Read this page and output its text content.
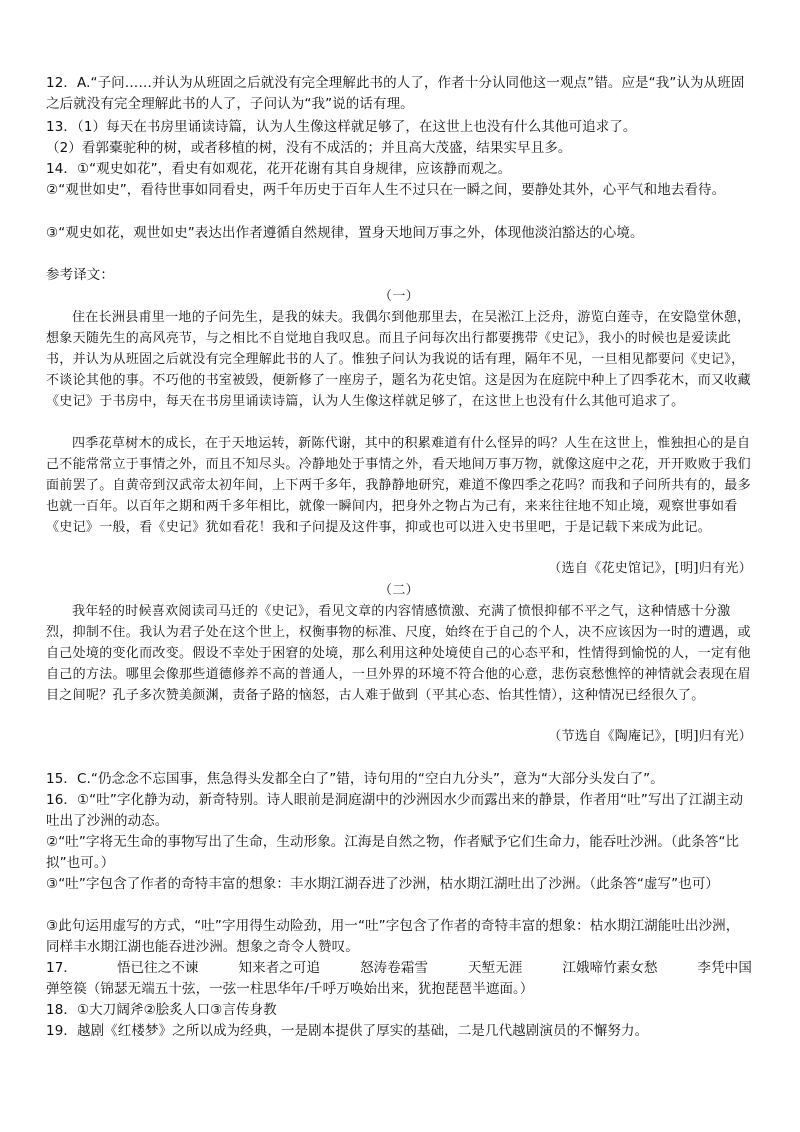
12．A.“子问……并认为从班固之后就没有完全理解此书的人了，作者十分认同他这一观点”错。应是“我”认为从班固之后就没有完全理解此书的人了，子问认为“我”说的话有理。

13．（1）每天在书房里诵读诗篇，认为人生像这样就足够了，在这世上也没有什么其他可追求了。

（2）看郭橐驼种的树，或者移植的树，没有不成活的；并且高大茂盛，结果实早且多。

14．①“观史如花”，看史有如观花，花开花谢有其自身规律，应该静而观之。

②“观世如史”，看待世事如同看史，两千年历史于百年人生不过只在一瞬之间，要静处其外，心平气和地去看待。

③“观史如花，观世如史”表达出作者遵循自然规律，置身天地间万事之外，体现他淡泊豁达的心境。

参考译文：

（一）

住在长洲县甫里一地的子问先生，是我的妹夫。我偶尔到他那里去，在吴淞江上泛舟，游览白莲寺，在安隐堂休憩，想象天随先生的高风亮节，与之相比不自觉地自我叹息。而且子问每次出行都要携带《史记》，我小的时候也是爱读此书，并认为从班固之后就没有完全理解此书的人了。惟独子问认为我说的话有理，隔年不见，一旦相见都要问《史记》，不谈论其他的事。不巧他的书室被毁，便新修了一座房子，题名为花史馆。这是因为在庭院中种上了四季花木，而又收藏《史记》于书房中，每天在书房里诵读诗篇，认为人生像这样就足够了，在这世上也没有什么其他可追求了。

四季花草树木的成长，在于天地运转，新陈代谢，其中的积累难道有什么怪异的吗？人生在这世上，惟独担心的是自己不能常常立于事情之外，而且不知尽头。冷静地处于事情之外，看天地间万事万物，就像这庭中之花，开开败败于我们面前罢了。自黄帝到汉武帝太初年间，上下两千多年，我静静地研究，难道不像四季之花吗？而我和子问所共有的，最多也就一百年。以百年之期和两千多年相比，就像一瞬间内，把身外之物占为己有，来来往往地不知止境，观察世事如看《史记》一般，看《史记》犹如看花！我和子问提及这件事，抑或也可以进入史书里吧，于是记载下来成为此记。

（选自《花史馆记》，[明]归有光）

（二）

我年轻的时候喜欢阅读司马迁的《史记》，看见文章的内容情感愤激、充满了愤恨抑郁不平之气，这种情感十分激烈，抑制不住。我认为君子处在这个世上，权衡事物的标准、尺度，始终在于自己的个人，决不应该因为一时的遭遇，或自己处境的变化而改变。假设不幸处于困窘的处境，那么利用这种处境使自己的心态平和，性情得到愉悦的人，一定有他自己的方法。哪里会像那些道德修养不高的普通人，一旦外界的环境不符合他的心意，悲伤哀愁憔悴的神情就会表现在眉目之间呢？孔子多次赞美颜渊，责备子路的恼怒，古人难于做到（平其心态、怡其性情），这种情况已经很久了。

（节选自《陶庵记》，[明]归有光）

15．C.“仍念念不忘国事，焦急得头发都全白了”错，诗句用的“空白九分头”，意为“大部分头发白了”。

16．①“吐”字化静为动，新奇特别。诗人眼前是洞庭湖中的沙洲因水少而露出来的静景，作者用“吐”写出了江湖主动吐出了沙洲的动态。

②“吐”字将无生命的事物写出了生命，生动形象。江海是自然之物，作者赋予它们生命力，能吞吐沙洲。（此条答“比拟”也可。）

③“吐”字包含了作者的奇特丰富的想象：丰水期江湖吞进了沙洲，枯水期江湖吐出了沙洲。（此条答“虚写”也可）

③此句运用虚写的方式，“吐”字用得生动险劲，用一“吐”字包含了作者的奇特丰富的想象：枯水期江湖能吐出沙洲，同样丰水期江湖也能吞进沙洲。想象之奇令人赞叹。

17．	悟已往之不谏	知来者之可追	怒涛卷霜雪	天堑无涯	江娥啼竹素女愁	李凭中国

弹箜篌（锦瑟无端五十弦，一弦一柱思华年/千呼万唤始出来，犹抱琵琶半遮面。）

18．①大刀阔斧②脍炙人口③言传身教

19．越剧《红楼梦》之所以成为经典，一是剧本提供了厚实的基础，二是几代越剧演员的不懈努力。
